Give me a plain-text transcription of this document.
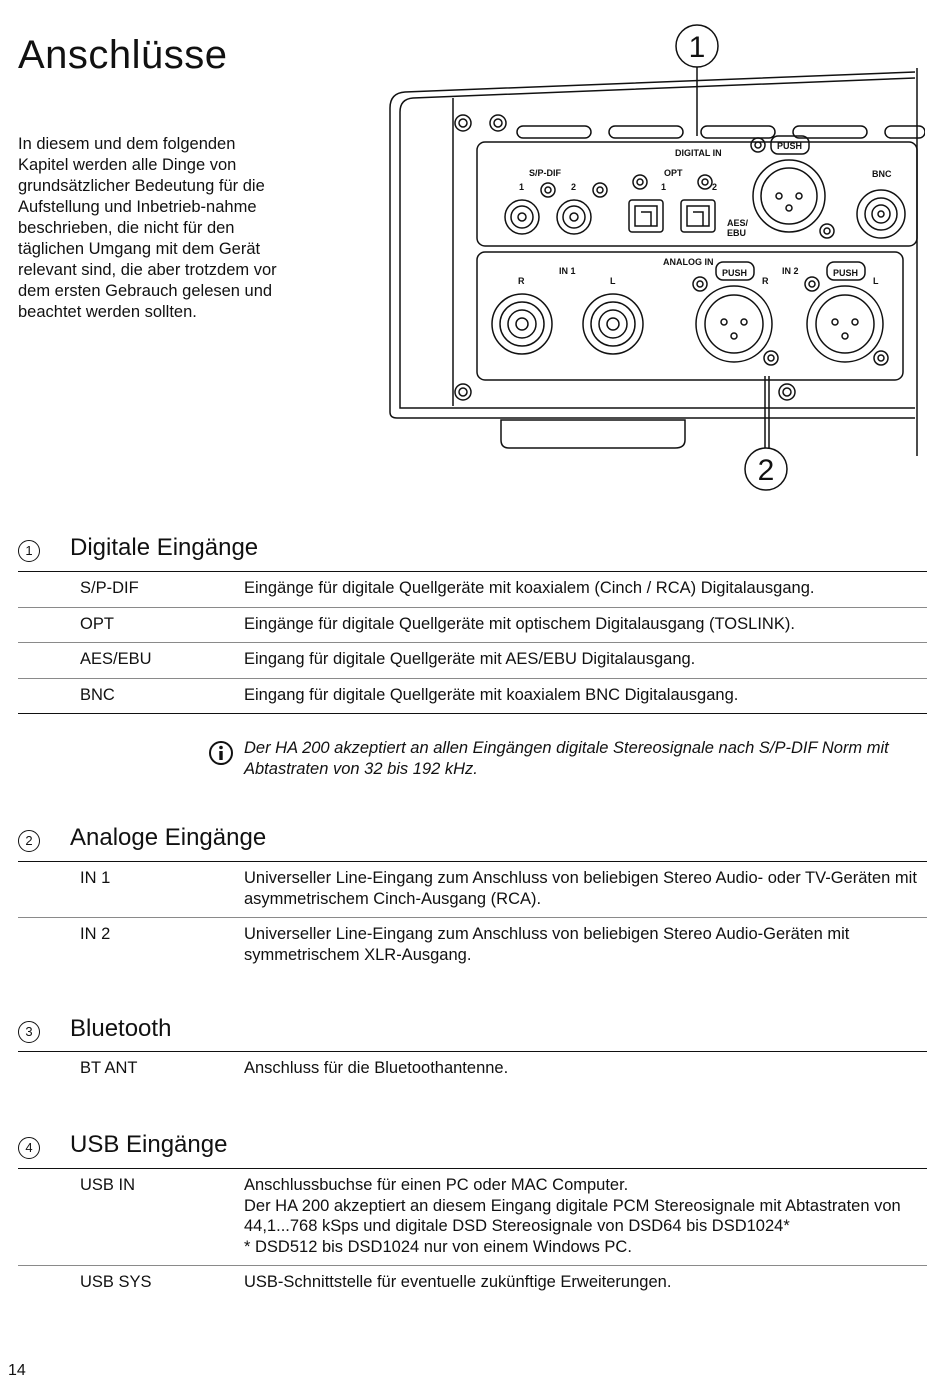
Anschlüsse

In diesem und dem folgenden Kapitel werden alle Dinge von grundsätzlicher Bedeutung für die Aufstellung und Inbetrieb-nahme beschrieben, die nicht für den täglichen Umgang mit dem Gerät relevant sind, die aber trotzdem vor dem ersten Gebrauch gelesen und beachtet werden sollten.

DIGITAL IN
S/P-DIF
1	2
OPT
1	2
AES/
EBU
PUSH
BNC
ANALOG IN
IN 1	IN 2
R	L	R	L
PUSH	PUSH
1
2
1	Digitale Eingänge
S/P-DIF	Eingänge für digitale Quellgeräte mit koaxialem (Cinch / RCA) Digitalausgang.
OPT	Eingänge für digitale Quellgeräte mit optischem Digitalausgang (TOSLINK).
AES/EBU	Eingang für digitale Quellgeräte mit AES/EBU Digitalausgang.
BNC	Eingang für digitale Quellgeräte mit koaxialem BNC Digitalausgang.
Der HA 200 akzeptiert an allen Eingängen digitale Stereosignale nach S/P-DIF Norm mit Abtastraten von 32 bis 192 kHz.
2	Analoge Eingänge
IN 1	Universeller Line-Eingang zum Anschluss von beliebigen Stereo Audio- oder TV-Geräten mit asymmetrischem Cinch-Ausgang (RCA).
IN 2	Universeller Line-Eingang zum Anschluss von beliebigen Stereo Audio-Geräten mit symmetrischem XLR-Ausgang.
3	Bluetooth
BT ANT	Anschluss für die Bluetoothantenne.
4	USB Eingänge
USB IN	Anschlussbuchse für einen PC oder MAC Computer.
Der HA 200 akzeptiert an diesem Eingang digitale PCM Stereosignale mit Abtastraten von 44,1...768 kSps und digitale DSD Stereosignale von DSD64 bis DSD1024*
* DSD512 bis DSD1024 nur von einem Windows PC.

USB SYS	USB-Schnittstelle für eventuelle zukünftige Erweiterungen.
14
